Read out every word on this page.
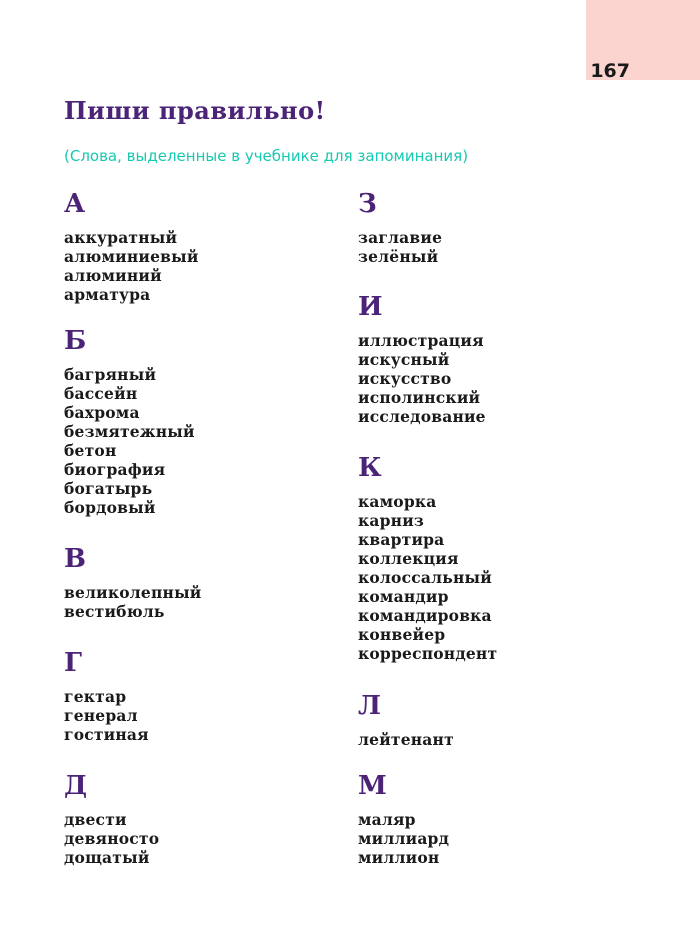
167
Пиши правильно!

(Слова, выделенные в учебнике для запоминания)

А
аккуратный
алюминиевый
алюминий
арматура
Б
багряный
бассейн
бахрома
безмятежный
бетон
биография
богатырь
бордовый
В
великолепный
вестибюль
Г
гектар
генерал
гостиная
Д
двести
девяносто
дощатый
З
заглавие
зелёный
И
иллюстрация
искусный
искусство
исполинский
исследование
К
каморка
карниз
квартира
коллекция
колоссальный
командир
командировка
конвейер
корреспондент
Л
лейтенант
М
маляр
миллиард
миллион
